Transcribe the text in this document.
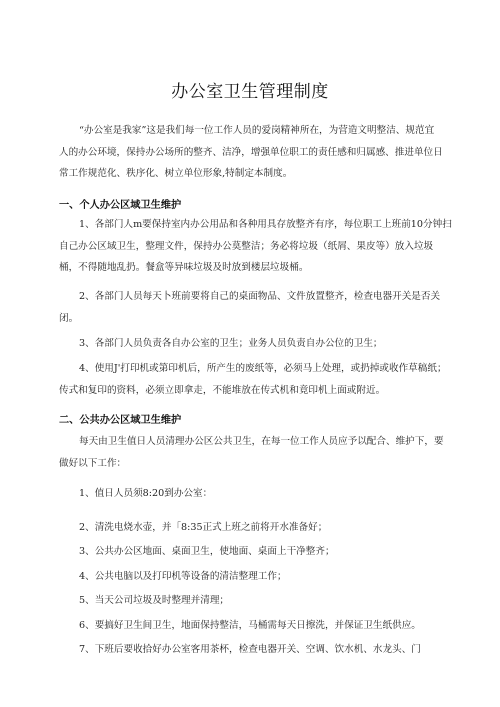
办公室卫生管理制度
“办公室是我家”这是我们每一位工作人员的爱岗精神所在，为营造文明整洁、规范宜
人的办公环境，保持办公场所的整齐、洁净，增强单位职工的责任感和归属感、推进单位日
常工作规范化、秩序化、树立单位形象,特制定本制度。
一、个人办公区域卫生维护
1、各部门人m要保持室内办公用品和各种用具存放整齐有序，每位职工上班前10分钟扫
自己办公区域卫生，整理文件，保持办公莫整洁；务必将垃圾（纸屑、果皮等）放入垃圾
桶，不得随地乱扔。餐盒等异味垃圾及时放到楼层垃圾桶。
2、各部门人员每天卜班前要将自己的桌面物品、文件放置整齐，检查电器开关是否关
闭。
3、各部门人员负责各自办公室的卫生；业务人员负责自办公位的卫生；
4、使用J'打印机或第印机后，所产生的废纸等，必须马上处理，或扔掉或收作草稿纸；
传式和复印的资料，必须立即拿走，不能堆放在传式机和竟印机上面或附近。
二、公共办公区域卫生维护
每天由卫生值日人员清理办公区公共卫生，在每一位工作人员应予以配合、维护下，要
做好以下工作：
1、值日人员须8:20到办公室：
2、清洗电烧水壶，并「8:35正式上班之前将开水准备好；
3、公共办公区地面、桌面卫生，使地面、桌面上干净整齐；
4、公共电脑以及打印机等设备的清洁整理工作；
5、当天公司垃圾及时整理并清理；
6、要搞好卫生间卫生，地面保持整洁，马桶需每天日擦洗，并保证卫生纸供应。
7、下班后要收拾好办公室客用茶杯，检查电器开关、空调、饮水机、水龙头、门
